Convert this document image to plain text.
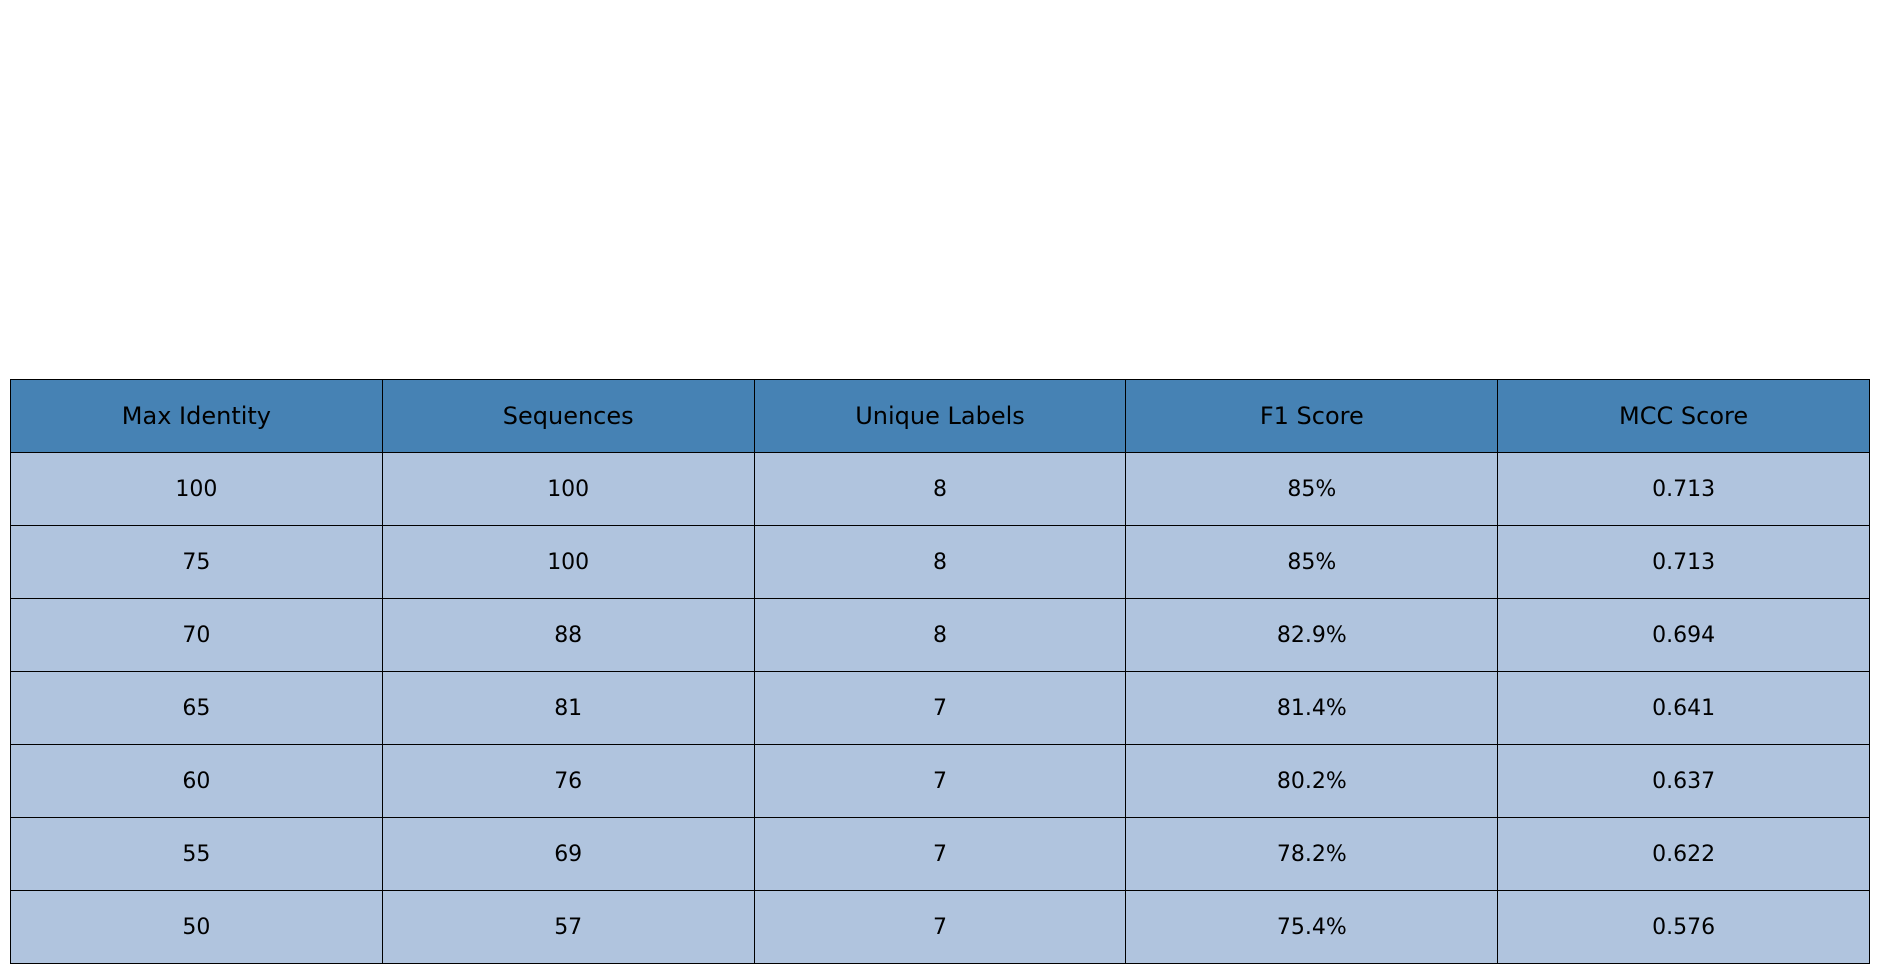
Max Identity	Sequences	Unique Labels	F1 Score	MCC Score
100	100	8	85%	0.713
75	100	8	85%	0.713
70	88	8	82.9%	0.694
65	81	7	81.4%	0.641
60	76	7	80.2%	0.637
55	69	7	78.2%	0.622
50	57	7	75.4%	0.576
